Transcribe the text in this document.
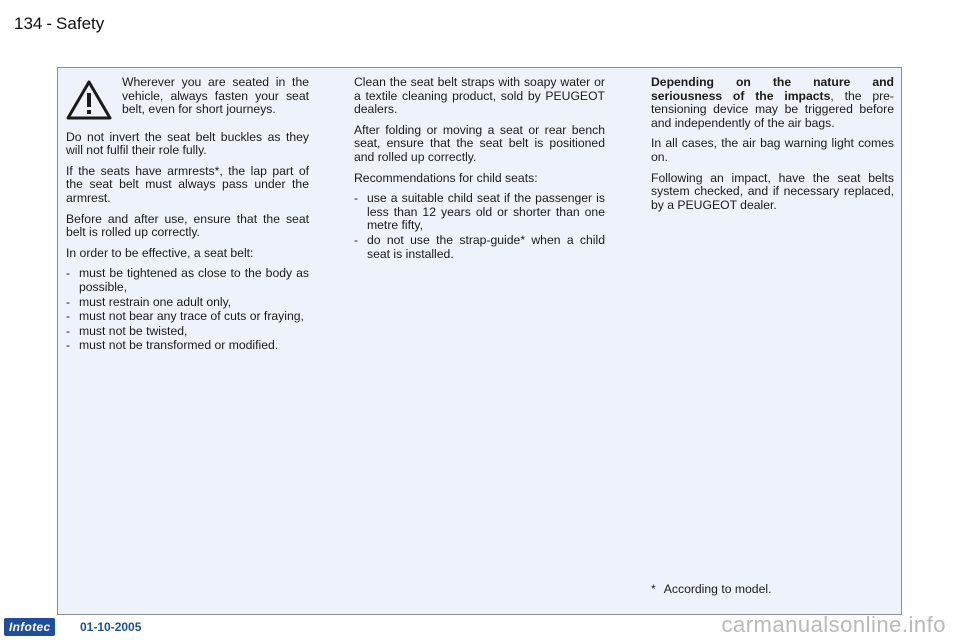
134 - Safety

Wherever you are seated in the vehicle, always fasten your seat belt, even for short journeys.

Do not invert the seat belt buckles as they will not fulfil their role fully.

If the seats have armrests*, the lap part of the seat belt must always pass under the armrest.

Before and after use, ensure that the seat belt is rolled up correctly.

In order to be effective, a seat belt:

- must be tightened as close to the body as possible,
- must restrain one adult only,
- must not bear any trace of cuts or fraying,
- must not be twisted,
- must not be transformed or modified.

Clean the seat belt straps with soapy water or a textile cleaning product, sold by PEUGEOT dealers.

After folding or moving a seat or rear bench seat, ensure that the seat belt is positioned and rolled up correctly.

Recommendations for child seats:

- use a suitable child seat if the passenger is less than 12 years old or shorter than one metre fifty,
- do not use the strap-guide* when a child seat is installed.

Depending on the nature and seriousness of the impacts, the pre-tensioning device may be triggered before and independently of the air bags.

In all cases, the air bag warning light comes on.

Following an impact, have the seat belts system checked, and if necessary replaced, by a PEUGEOT dealer.

* According to model.
Infotec	01-10-2005	carmanualsonline.info
